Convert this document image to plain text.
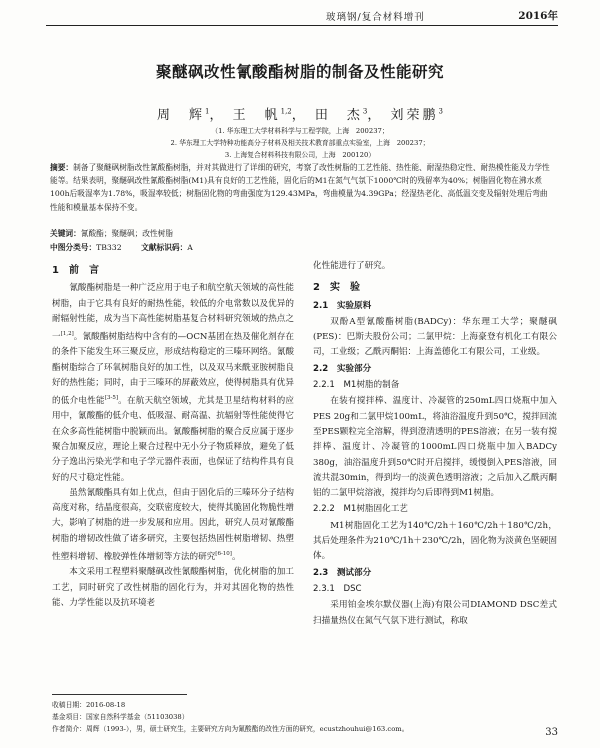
玻璃钢/复合材料增刊	2016年
聚醚砜改性氰酸酯树脂的制备及性能研究
周　辉$^1$， 王　帆$^{1,2}$， 田　杰$^3$， 刘荣鹏$^3$
（1. 华东理工大学材料科学与工程学院，上海　200237；
2. 华东理工大学特种功能高分子材料及相关技术教育部重点实验室，上海　200237；
3. 上海复合材料科技有限公司，上海　200120）
摘要：制备了聚醚砜树脂改性氰酸酯树脂，并对其做进行了详细的研究，考察了改性树脂的工艺性能、热性能、耐湿热稳定性、耐热模性能及力学性能等。结果表明，聚醚砜改性氰酸酯树脂(M1)具有良好的工艺性能，固化后的M1在氮气气氛下1000℃时的残留率为40%；树脂固化物在沸水煮100h后吸湿率为1.78%，吸湿率较低；树脂固化物的弯曲强度为129.43MPa，弯曲模量为4.39GPa；经湿热老化、高低温交变及辐射处理后弯曲性能和模量基本保持不变。
关键词：氰酸酯；聚醚砜；改性树脂
中图分类号：TB332	文献标识码：A
1　前　言

氰酸酯树脂是一种广泛应用于电子和航空航天领域的高性能树脂，由于它具有良好的耐热性能，较低的介电常数以及优异的耐辐射性能，成为当下高性能树脂基复合材料研究领域的热点之一[1,2]。氰酸酯树脂结构中含有的—OCN基团在热及催化剂存在的条件下能发生环三聚反应，形成结构稳定的三嗪环网络。氰酸酯树脂综合了环氧树脂良好的加工性，以及双马来酰亚胺树脂良好的热性能；同时，由于三嗪环的屏蔽效应，使得树脂具有优异的低介电性能[3-5]。在航天航空领域，尤其是卫星结构材料的应用中，氰酸酯的低介电、低吸湿、耐高温、抗辐射等性能使得它在众多高性能树脂中脱颖而出。氰酸酯树脂的聚合反应属于逐步聚合加聚反应，理论上聚合过程中无小分子物质释放，避免了低分子逸出污染光学和电子学元器件表面，也保证了结构件具有良好的尺寸稳定性能。

虽然氰酸酯具有如上优点，但由于固化后的三嗪环分子结构高度对称，结晶度很高，交联密度较大，使得其脆固化物脆性增大，影响了树脂的进一步发展和应用。因此，研究人员对氰酸酯树脂的增韧改性做了诸多研究，主要包括热固性树脂增韧、热塑性塑料增韧、橡胶弹性体增韧等方法的研究[6-10]。

本文采用工程塑料聚醚砜改性氰酸酯树脂，优化树脂的加工工艺，同时研究了改性树脂的固化行为，并对其固化物的热性能、力学性能以及抗环境老

化性能进行了研究。

2　实　验
2.1　实验原料

双酚A型氰酸酯树脂(BADCy)：华东理工大学；聚醚砜(PES)：巴斯夫股份公司；二氯甲烷：上海豪登有机化工有限公司，工业级；乙酰丙酮铝：上海盖德化工有限公司，工业级。

2.2　实验部分
2.2.1　M1树脂的制备

在装有搅拌棒、温度计、冷凝管的250mL四口烧瓶中加入PES 20g和二氯甲烷100mL，将油浴温度升到50℃，搅拌回流至PES颗粒完全溶解，得到澄清透明的PES溶液；在另一装有搅拌棒、温度计、冷凝管的1000mL四口烧瓶中加入BADCy 380g，油浴温度升到50℃时开启搅拌，缓慢倒入PES溶液，回流共混30min，得到均一的淡黄色透明溶液；之后加入乙酰丙酮铝的二氯甲烷溶液，搅拌均匀后即得到M1树脂。

2.2.2　M1树脂固化工艺

M1树脂固化工艺为140℃/2h＋160℃/2h＋180℃/2h，其后处理条件为210℃/1h＋230℃/2h，固化物为淡黄色坚硬固体。

2.3　测试部分
2.3.1　DSC

采用铂金埃尔默仪器(上海)有限公司DIAMOND DSC差式扫描量热仪在氮气气氛下进行测试，称取

收稿日期：2016-08-18
基金项目：国家自然科学基金（51103038）
作者简介：周辉（1993-），男，硕士研究生，主要研究方向为氰酸酯的改性方面的研究，ecustzhouhui@163.com。	33
